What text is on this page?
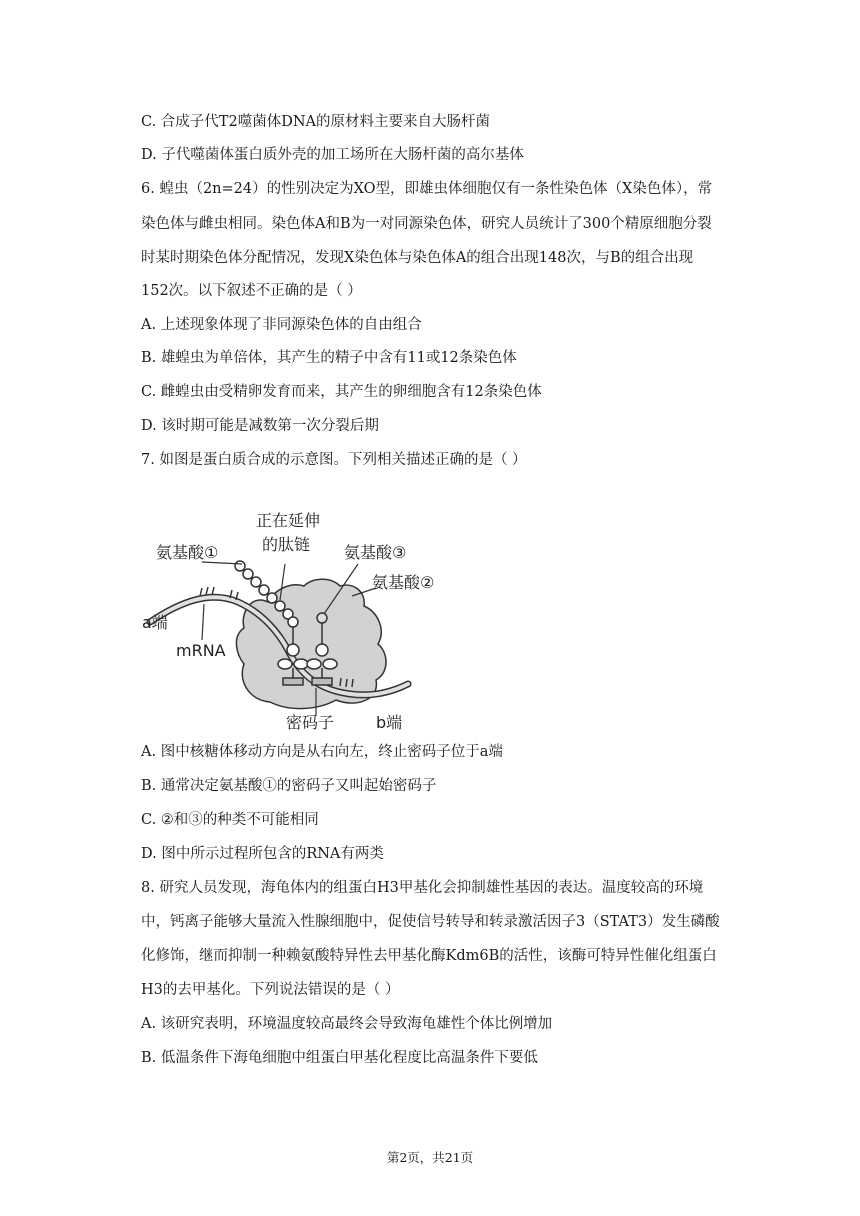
C. 合成子代T2噬菌体DNA的原材料主要来自大肠杆菌
D. 子代噬菌体蛋白质外壳的加工场所在大肠杆菌的高尔基体
6. 蝗虫（2n=24）的性别决定为XO型，即雄虫体细胞仅有一条性染色体（X染色体），常
染色体与雌虫相同。染色体A和B为一对同源染色体，研究人员统计了300个精原细胞分裂
时某时期染色体分配情况，发现X染色体与染色体A的组合出现148次，与B的组合出现
152次。以下叙述不正确的是（ ）
A. 上述现象体现了非同源染色体的自由组合
B. 雄蝗虫为单倍体，其产生的精子中含有11或12条染色体
C. 雌蝗虫由受精卵发育而来，其产生的卵细胞含有12条染色体
D. 该时期可能是减数第一次分裂后期
7. 如图是蛋白质合成的示意图。下列相关描述正确的是（ ）
A. 图中核糖体移动方向是从右向左，终止密码子位于a端
B. 通常决定氨基酸①的密码子又叫起始密码子
C. ②和③的种类不可能相同
D. 图中所示过程所包含的RNA有两类
8. 研究人员发现，海龟体内的组蛋白H3甲基化会抑制雄性基因的表达。温度较高的环境
中，钙离子能够大量流入性腺细胞中，促使信号转导和转录激活因子3（STAT3）发生磷酸
化修饰，继而抑制一种赖氨酸特异性去甲基化酶Kdm6B的活性，该酶可特异性催化组蛋白
H3的去甲基化。下列说法错误的是（ ）
A. 该研究表明，环境温度较高最终会导致海龟雄性个体比例增加
B. 低温条件下海龟细胞中组蛋白甲基化程度比高温条件下要低
正在延伸
的肽链
氨基酸①	氨基酸③
氨基酸②
a端
mRNA
密码子	b端
第2页，共21页
